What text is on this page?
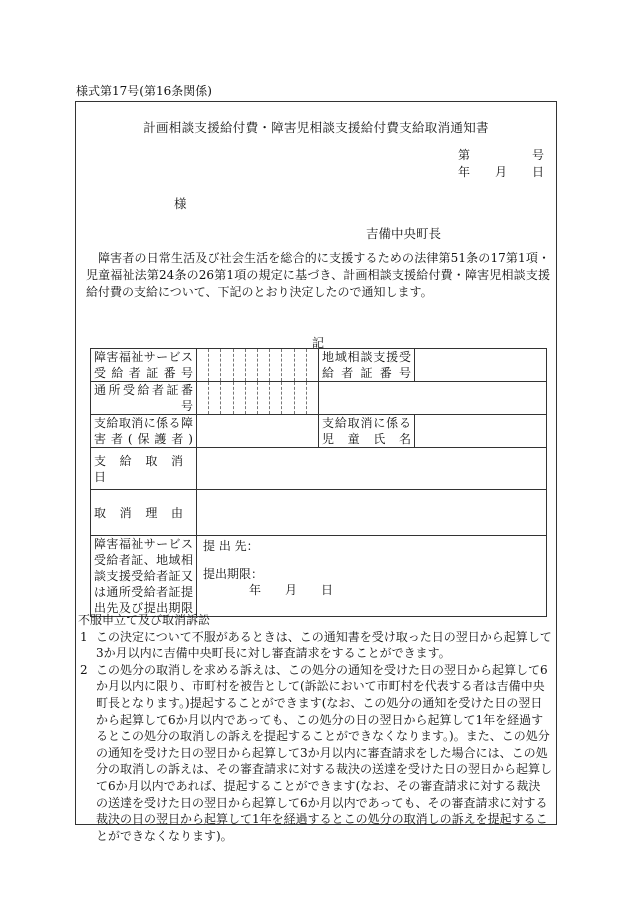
様式第17号(第16条関係)
計画相談支援給付費・障害児相談支援給付費支給取消通知書
第	号
年 月 日
様
吉備中央町長
障害者の日常生活及び社会生活を総合的に支援するための法律第51条の17第1項・児童福祉法第24条の26第1項の規定に基づき、計画相談支援給付費・障害児相談支援給付費の支給について、下記のとおり決定したので通知します。
記
障害福祉サービス受給者証番号		地域相談支援受給者証番号	

通所受給者証番
号			

支給取消に係る障害者(保護者)		支給取消に係る児　童　氏　名	
支給取消日			
取消理由			
障害福祉サービス受給者証、地域相談支援受給者証又は通所受給者証提出先及び提出期限	提 出 先：
提出期限：
年　　月　　日		
不服申立て及び取消訴訟
1 この決定について不服があるときは、この通知書を受け取った日の翌日から起算して3か月以内に吉備中央町長に対し審査請求をすることができます。
2 この処分の取消しを求める訴えは、この処分の通知を受けた日の翌日から起算して6か月以内に限り、市町村を被告として(訴訟において市町村を代表する者は吉備中央町長となります。)提起することができます(なお、この処分の通知を受けた日の翌日から起算して6か月以内であっても、この処分の日の翌日から起算して1年を経過するとこの処分の取消しの訴えを提起することができなくなります。)。また、この処分の通知を受けた日の翌日から起算して3か月以内に審査請求をした場合には、この処分の取消しの訴えは、その審査請求に対する裁決の送達を受けた日の翌日から起算して6か月以内であれば、提起することができます(なお、その審査請求に対する裁決の送達を受けた日の翌日から起算して6か月以内であっても、その審査請求に対する裁決の日の翌日から起算して1年を経過するとこの処分の取消しの訴えを提起することができなくなります)。
